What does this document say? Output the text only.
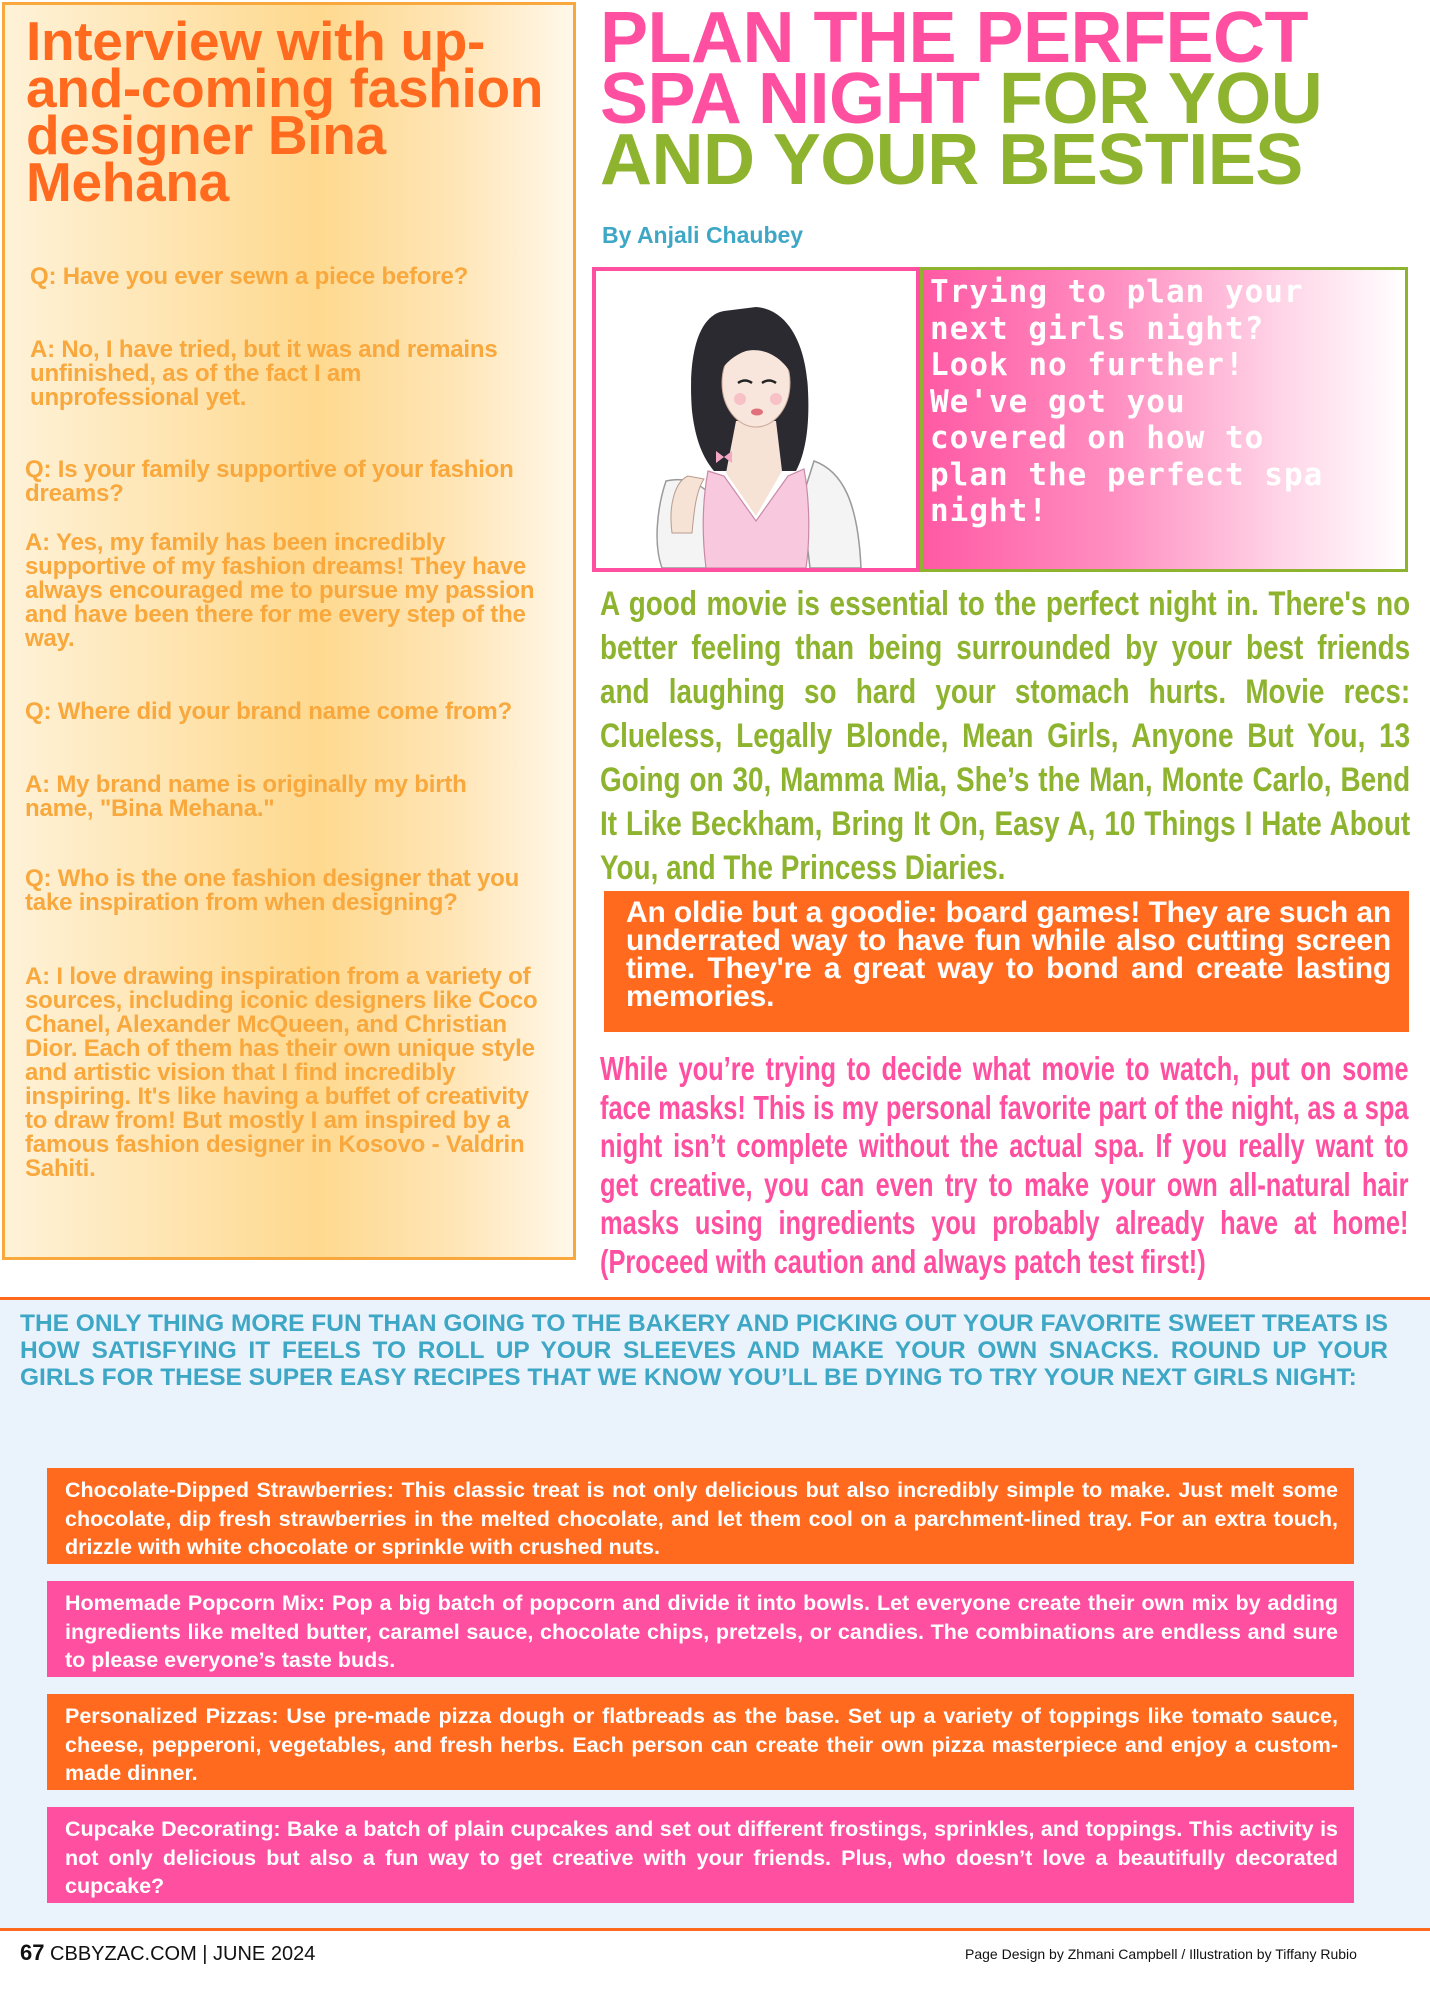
Interview with up-and-coming fashion designer Bina Mehana

Q: Have you ever sewn a piece before?

A: No, I have tried, but it was and remains unfinished, as of the fact I am unprofessional yet.

Q: Is your family supportive of your fashion dreams?

A: Yes, my family has been incredibly supportive of my fashion dreams! They have always encouraged me to pursue my passion and have been there for me every step of the way.

Q: Where did your brand name come from?

A: My brand name is originally my birth name, "Bina Mehana."

Q: Who is the one fashion designer that you take inspiration from when designing?

A: I love drawing inspiration from a variety of sources, including iconic designers like Coco Chanel, Alexander McQueen, and Christian Dior. Each of them has their own unique style and artistic vision that I find incredibly inspiring. It's like having a buffet of creativity to draw from! But mostly I am inspired by a famous fashion designer in Kosovo - Valdrin Sahiti.

PLAN THE PERFECT SPA NIGHT FOR YOU AND YOUR BESTIES

By Anjali Chaubey

Trying to plan your next girls night? Look no further! We've got you covered on how to plan the perfect spa night!

A good movie is essential to the perfect night in. There's no better feeling than being surrounded by your best friends and laughing so hard your stomach hurts. Movie recs: Clueless, Legally Blonde, Mean Girls, Anyone But You, 13 Going on 30, Mamma Mia, She’s the Man, Monte Carlo, Bend It Like Beckham, Bring It On, Easy A, 10 Things I Hate About You, and The Princess Diaries.

An oldie but a goodie: board games! They are such an underrated way to have fun while also cutting screen time. They're a great way to bond and create lasting memories.

While you’re trying to decide what movie to watch, put on some face masks! This is my personal favorite part of the night, as a spa night isn’t complete without the actual spa. If you really want to get creative, you can even try to make your own all-natural hair masks using ingredients you probably already have at home! (Proceed with caution and always patch test first!)

THE ONLY THING MORE FUN THAN GOING TO THE BAKERY AND PICKING OUT YOUR FAVORITE SWEET TREATS IS HOW SATISFYING IT FEELS TO ROLL UP YOUR SLEEVES AND MAKE YOUR OWN SNACKS. ROUND UP YOUR GIRLS FOR THESE SUPER EASY RECIPES THAT WE KNOW YOU’LL BE DYING TO TRY YOUR NEXT GIRLS NIGHT:

Chocolate-Dipped Strawberries: This classic treat is not only delicious but also incredibly simple to make. Just melt some chocolate, dip fresh strawberries in the melted chocolate, and let them cool on a parchment-lined tray. For an extra touch, drizzle with white chocolate or sprinkle with crushed nuts.
Homemade Popcorn Mix: Pop a big batch of popcorn and divide it into bowls. Let everyone create their own mix by adding ingredients like melted butter, caramel sauce, chocolate chips, pretzels, or candies. The combinations are endless and sure to please everyone’s taste buds.
Personalized Pizzas: Use pre-made pizza dough or flatbreads as the base. Set up a variety of toppings like tomato sauce, cheese, pepperoni, vegetables, and fresh herbs. Each person can create their own pizza masterpiece and enjoy a custom-made dinner.
Cupcake Decorating: Bake a batch of plain cupcakes and set out different frostings, sprinkles, and toppings. This activity is not only delicious but also a fun way to get creative with your friends. Plus, who doesn’t love a beautifully decorated cupcake?

67 CBBYZAC.COM | JUNE 2024	Page Design by Zhmani Campbell / Illustration by Tiffany Rubio
